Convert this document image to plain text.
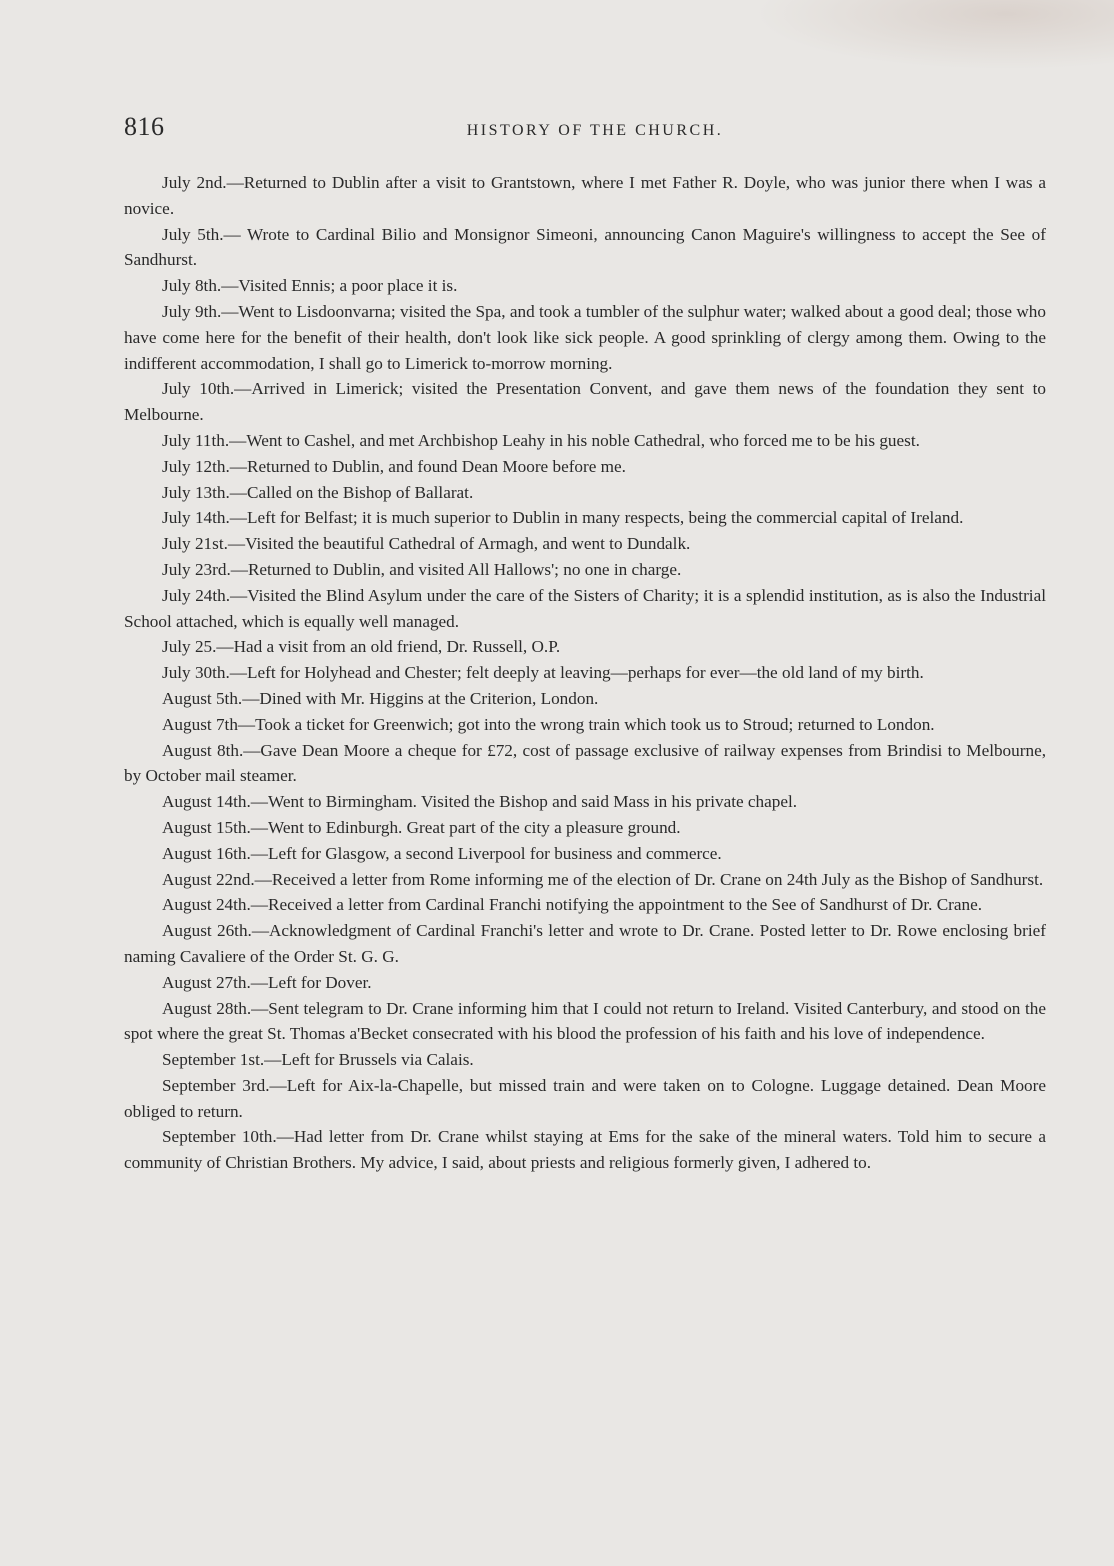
816	HISTORY OF THE CHURCH.

July 2nd.—Returned to Dublin after a visit to Grantstown, where I met Father R. Doyle, who was junior there when I was a novice.

July 5th.— Wrote to Cardinal Bilio and Monsignor Simeoni, announcing Canon Maguire's willingness to accept the See of Sandhurst.

July 8th.—Visited Ennis; a poor place it is.

July 9th.—Went to Lisdoonvarna; visited the Spa, and took a tumbler of the sulphur water; walked about a good deal; those who have come here for the benefit of their health, don't look like sick people. A good sprinkling of clergy among them. Owing to the indifferent accommodation, I shall go to Limerick to-morrow morning.

July 10th.—Arrived in Limerick; visited the Presentation Convent, and gave them news of the foundation they sent to Melbourne.

July 11th.—Went to Cashel, and met Archbishop Leahy in his noble Cathedral, who forced me to be his guest.

July 12th.—Returned to Dublin, and found Dean Moore before me.

July 13th.—Called on the Bishop of Ballarat.

July 14th.—Left for Belfast; it is much superior to Dublin in many respects, being the commercial capital of Ireland.

July 21st.—Visited the beautiful Cathedral of Armagh, and went to Dundalk.

July 23rd.—Returned to Dublin, and visited All Hallows'; no one in charge.

July 24th.—Visited the Blind Asylum under the care of the Sisters of Charity; it is a splendid institution, as is also the Industrial School attached, which is equally well managed.

July 25.—Had a visit from an old friend, Dr. Russell, O.P.

July 30th.—Left for Holyhead and Chester; felt deeply at leaving—perhaps for ever—the old land of my birth.

August 5th.—Dined with Mr. Higgins at the Criterion, London.

August 7th—Took a ticket for Greenwich; got into the wrong train which took us to Stroud; returned to London.

August 8th.—Gave Dean Moore a cheque for £72, cost of passage exclusive of railway expenses from Brindisi to Melbourne, by October mail steamer.

August 14th.—Went to Birmingham. Visited the Bishop and said Mass in his private chapel.

August 15th.—Went to Edinburgh. Great part of the city a pleasure ground.

August 16th.—Left for Glasgow, a second Liverpool for business and commerce.

August 22nd.—Received a letter from Rome informing me of the election of Dr. Crane on 24th July as the Bishop of Sandhurst.

August 24th.—Received a letter from Cardinal Franchi notifying the appointment to the See of Sandhurst of Dr. Crane.

August 26th.—Acknowledgment of Cardinal Franchi's letter and wrote to Dr. Crane. Posted letter to Dr. Rowe enclosing brief naming Cavaliere of the Order St. G. G.

August 27th.—Left for Dover.

August 28th.—Sent telegram to Dr. Crane informing him that I could not return to Ireland. Visited Canterbury, and stood on the spot where the great St. Thomas a'Becket consecrated with his blood the profession of his faith and his love of independence.

September 1st.—Left for Brussels via Calais.

September 3rd.—Left for Aix-la-Chapelle, but missed train and were taken on to Cologne. Luggage detained. Dean Moore obliged to return.

September 10th.—Had letter from Dr. Crane whilst staying at Ems for the sake of the mineral waters. Told him to secure a community of Christian Brothers. My advice, I said, about priests and religious formerly given, I adhered to.
